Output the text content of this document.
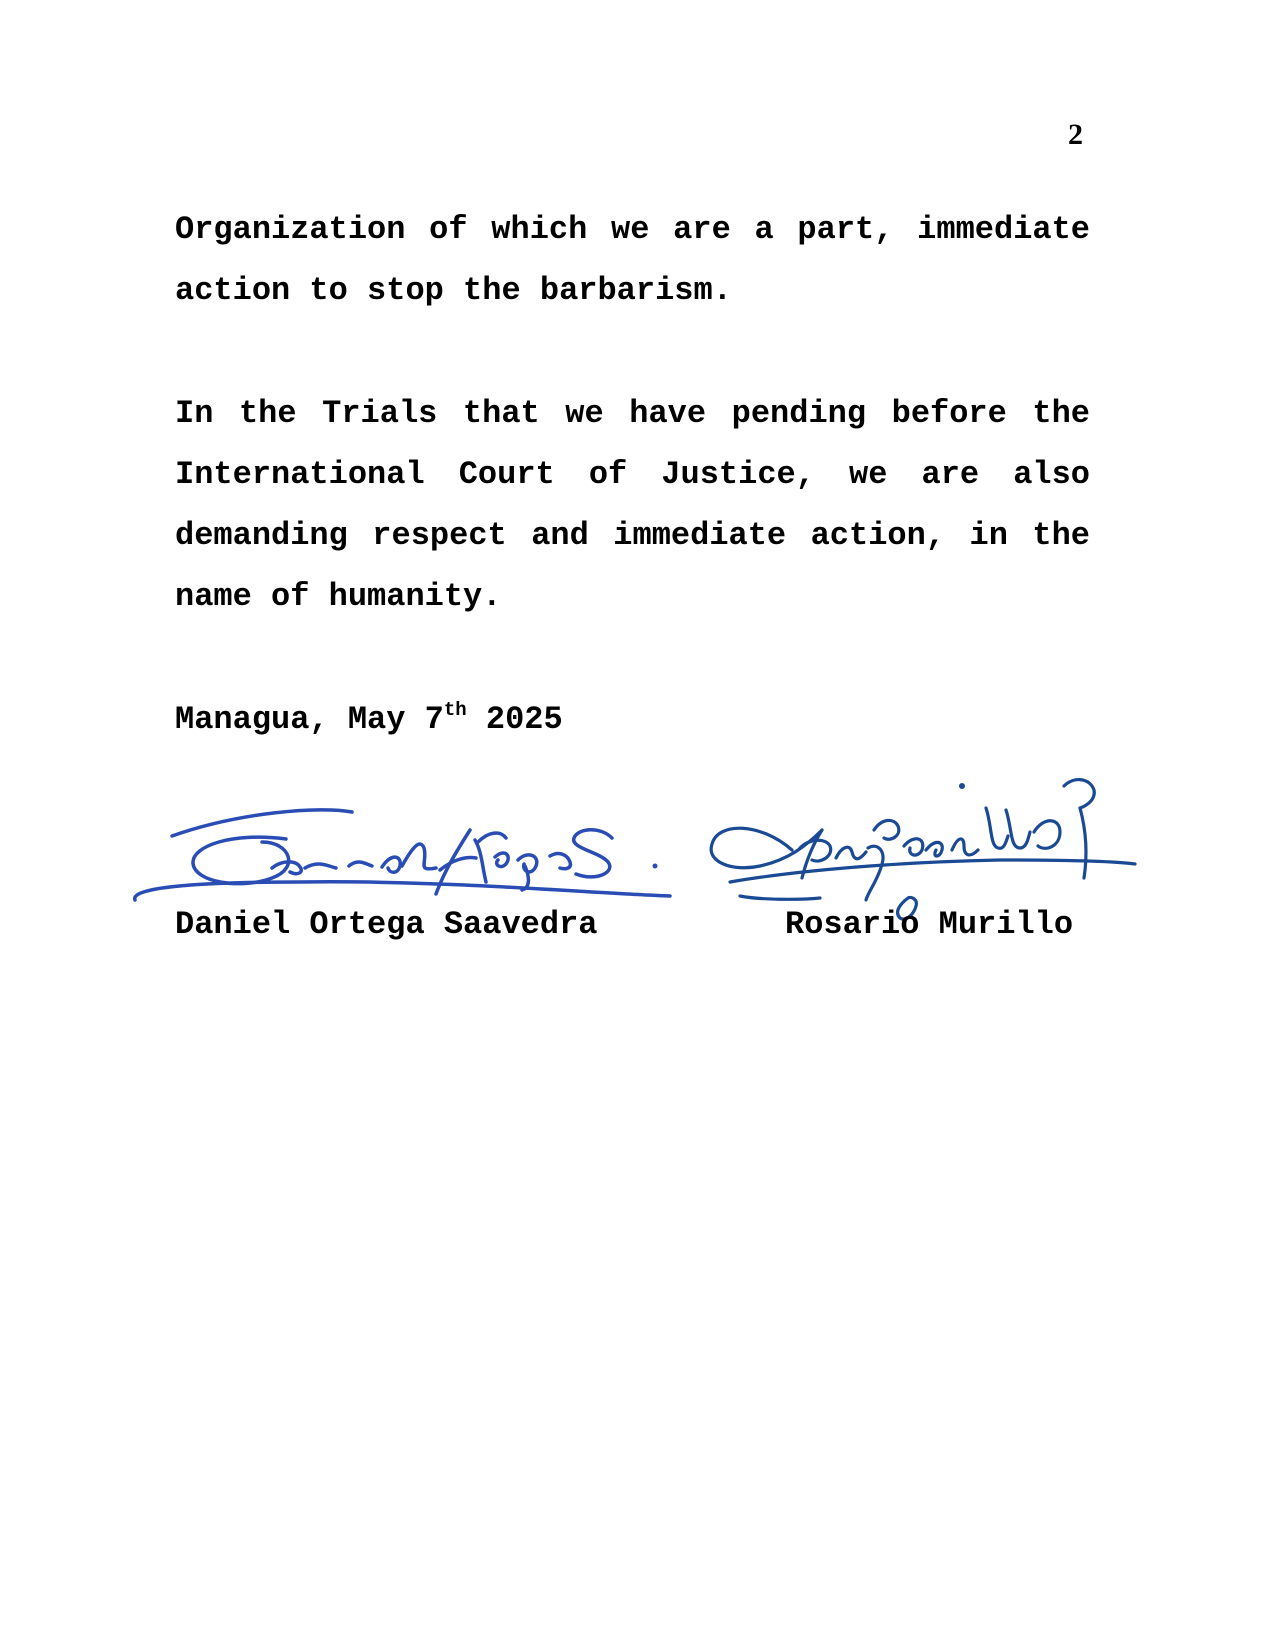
2

Organization of which we are a part, immediate action to stop the barbarism.

In the Trials that we have pending before the International Court of Justice, we are also demanding respect and immediate action, in the name of humanity.

Managua, May 7th 2025
Daniel Ortega Saavedra	Rosario Murillo
